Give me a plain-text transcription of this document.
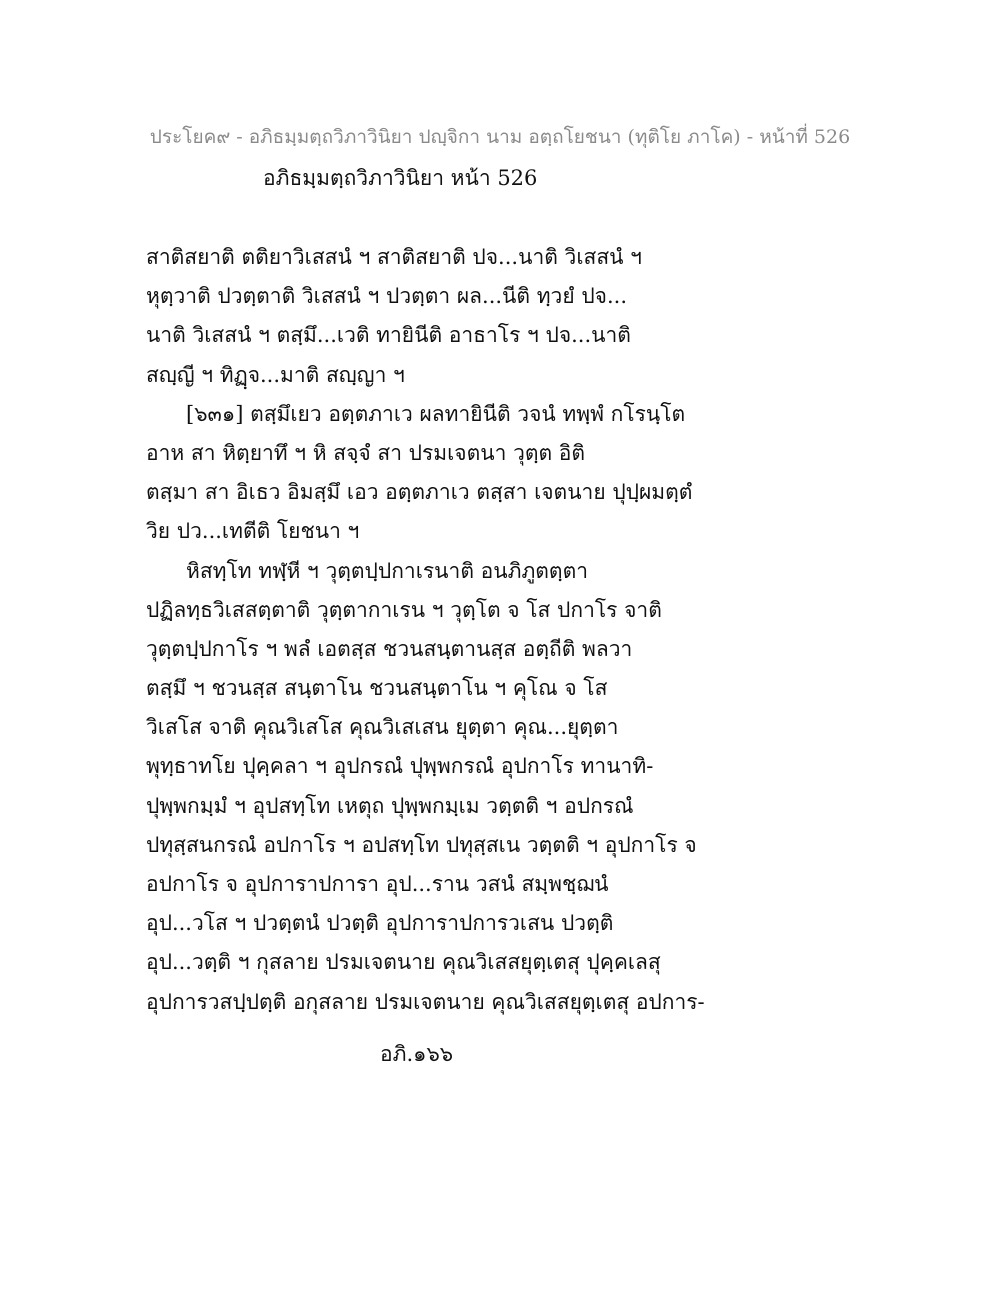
ประโยค๙ - อภิธมฺมตฺถวิภาวินิยา ปญฺจิกา นาม อตฺถโยชนา (ทุติโย ภาโค) - หน้าที่ 526
อภิธมฺมตฺถวิภาวินิยา หน้า 526
สาติสยาติ ตติยาวิเสสนํ ฯ สาติสยาติ ปจ...นาติ วิเสสนํ ฯ
หุตฺวาติ ปวตฺตาติ วิเสสนํ ฯ ปวตฺตา ผล...นีติ ทฺวยํ ปจ...
นาติ วิเสสนํ ฯ ตสฺมึ...เวติ ทายินีติ อาธาโร ฯ ปจ...นาติ
สญฺญี ฯ ทิฏฺจ...มาติ สญฺญา ฯ
[๖๓๑] ตสฺมึเยว อตฺตภาเว ผลทายินีติ วจนํ ทพฺพํ กโรนฺโต
อาห สา หิตฺยาทึ ฯ หิ สจฺจํ สา ปรมเจตนา วุตฺต อิติ
ตสฺมา สา อิเธว อิมสฺมึ เอว อตฺตภาเว ตสฺสา เจตนาย ปุปฺผมตฺตํ
วิย ปว...เทตีติ โยชนา ฯ
หิสทฺโท ทฬฺหี ฯ วุตฺตปฺปกาเรนาติ อนภิภูตตฺตา
ปฏิลทฺธวิเสสตฺตาติ วุตฺตากาเรน ฯ วุตฺโต จ โส ปกาโร จาติ
วุตฺตปฺปกาโร ฯ พลํ เอตสฺส ชวนสนฺตานสฺส อตฺถีติ พลวา
ตสฺมึ ฯ ชวนสฺส สนฺตาโน ชวนสนฺตาโน ฯ คุโณ จ โส
วิเสโส จาติ คุณวิเสโส คุณวิเสเสน ยุตฺตา คุณ...ยุตฺตา
พุทฺธาทโย ปุคฺคลา ฯ อุปกรณํ ปุพฺพกรณํ อุปกาโร ทานาทิ-
ปุพฺพกมฺมํ ฯ อุปสทฺโท เหตุถ ปุพฺพกมฺเม วตฺตติ ฯ อปกรณํ
ปทุสฺสนกรณํ อปกาโร ฯ อปสทฺโท ปทุสฺสเน วตฺตติ ฯ อุปกาโร จ
อปกาโร จ อุปการาปการา อุป...ราน วสนํ สมฺพชฺฌนํ
อุป...วโส ฯ ปวตฺตนํ ปวตฺติ อุปการาปการวเสน ปวตฺติ
อุป...วตฺติ ฯ กุสลาย ปรมเจตนาย คุณวิเสสยุตฺเตสุ ปุคฺคเลสุ
อุปการวสปฺปตฺติ อกุสลาย ปรมเจตนาย คุณวิเสสยุตฺเตสุ อปการ-
อภิ.๑๖๖
